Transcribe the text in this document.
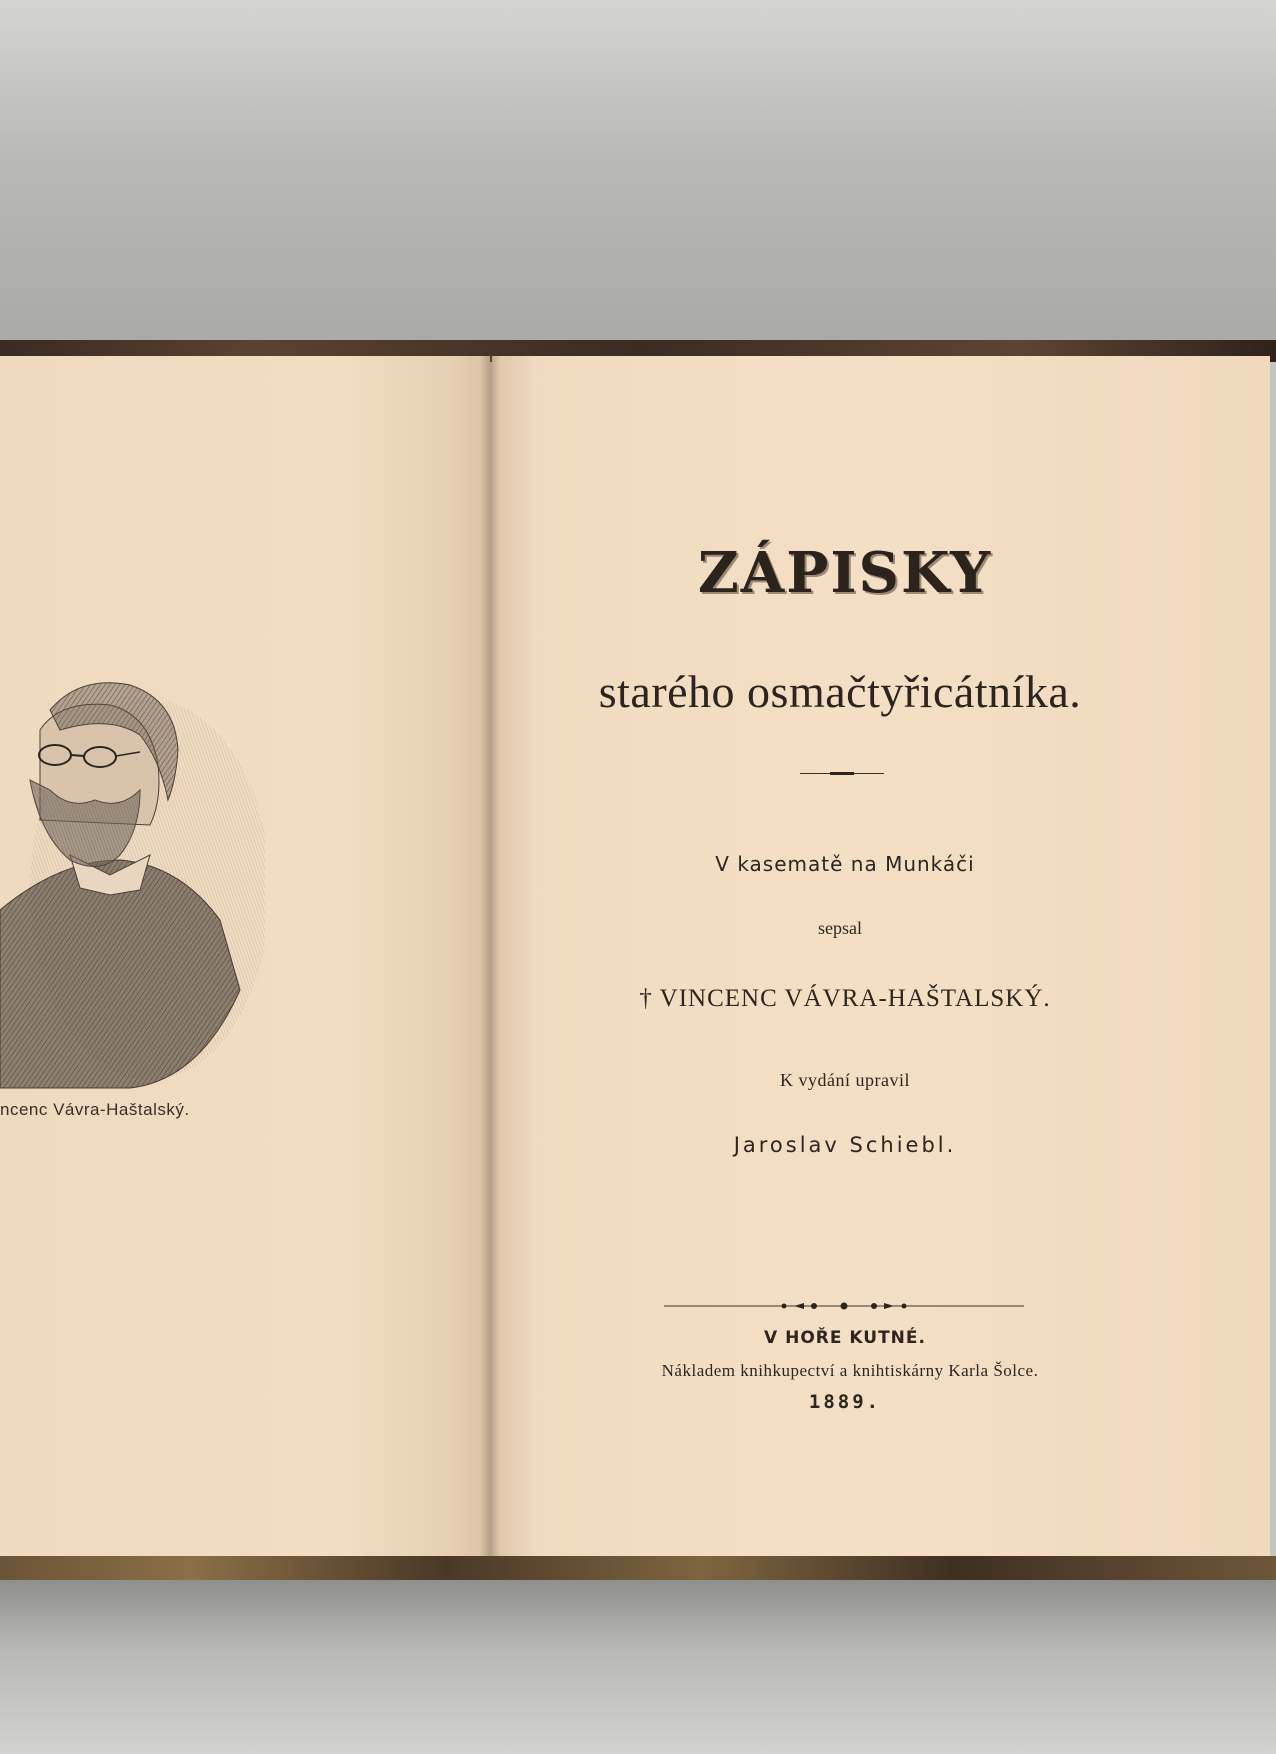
ncenc Vávra-Haštalský.
ZÁPISKY
starého osmačtyřicátníka.
V kasematě na Munkáči
sepsal
† VINCENC VÁVRA-HAŠTALSKÝ.
K vydání upravil
Jaroslav Schiebl.
V HOŘE KUTNÉ.
Nákladem knihkupectví a knihtiskárny Karla Šolce.
1889.
